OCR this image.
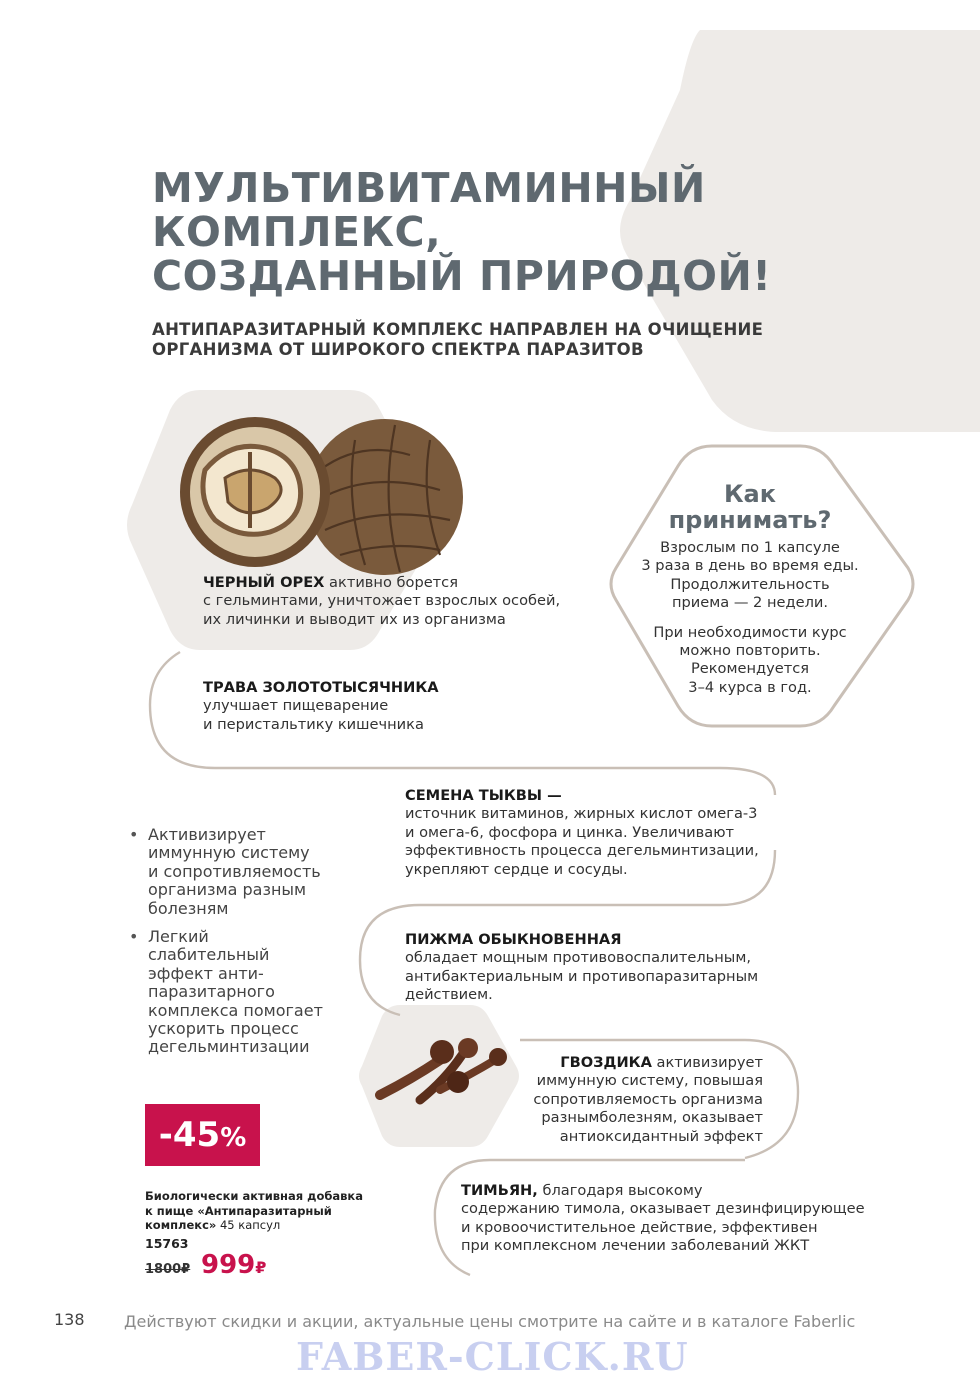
МУЛЬТИВИТАМИННЫЙ
КОМПЛЕКС,
СОЗДАННЫЙ ПРИРОДОЙ!
АНТИПАРАЗИТАРНЫЙ КОМПЛЕКС НАПРАВЛЕН НА ОЧИЩЕНИЕ
ОРГАНИЗМА ОТ ШИРОКОГО СПЕКТРА ПАРАЗИТОВ
ЧЕРНЫЙ ОРЕХ активно борется
с гельминтами, уничтожает взрослых особей,
их личинки и выводит их из организма
ТРАВА ЗОЛОТОТЫСЯЧНИКА
улучшает пищеварение
и перистальтику кишечника
Как
принимать?
Взрослым по 1 капсуле
3 раза в день во время еды.
Продолжительность
приема — 2 недели.
При необходимости курс
можно повторить.
Рекомендуется
3–4 курса в год.
СЕМЕНА ТЫКВЫ —
источник витаминов, жирных кислот омега-3
и омега-6, фосфора и цинка. Увеличивают
эффективность процесса дегельминтизации,
укрепляют сердце и сосуды.
ПИЖМА ОБЫКНОВЕННАЯ
обладает мощным противовоспалительным,
антибактериальным и противопаразитарным
действием.
ГВОЗДИКА активизирует
иммунную систему, повышая
сопротивляемость организма
разнымболезням, оказывает
антиоксидантный эффект
ТИМЬЯН, благодаря высокому
содержанию тимола, оказывает дезинфицирующее
и кровоочистительное действие, эффективен
при комплексном лечении заболеваний ЖКТ
• Активизирует
иммунную систему
и сопротивляемость
организма разным
болезням
• Легкий
слабительный
эффект анти-
паразитарного
комплекса помогает
ускорить процесс
дегельминтизации
-45%
Биологически активная добавка
к пище «Антипаразитарный
комплекс» 45 капсул
15763
1800₽ 999₽
138 Действуют скидки и акции, актуальные цены смотрите на сайте и в каталоге Faberlic
FABER-CLICK.RU
